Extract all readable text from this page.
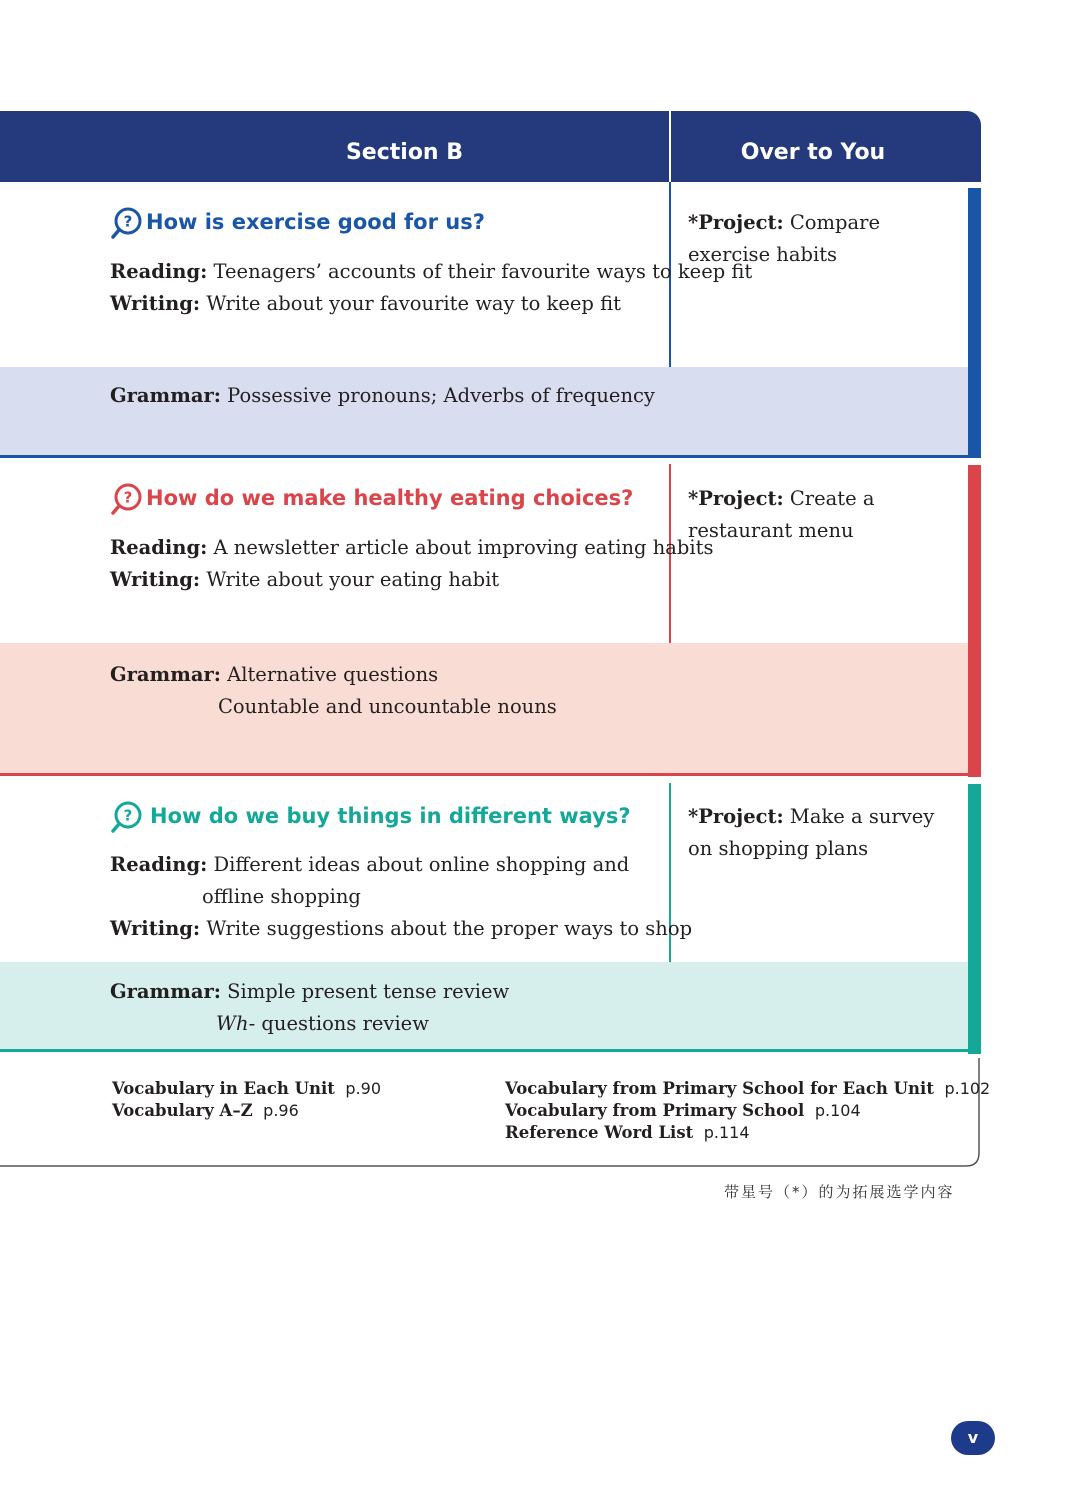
Section B	Over to You
? How is exercise good for us?
Reading: Teenagers’ accounts of their favourite ways to keep fit
Writing: Write about your favourite way to keep fit
Grammar: Possessive pronouns; Adverbs of frequency
*Project: Compare exercise habits
? How do we make healthy eating choices?
Reading: A newsletter article about improving eating habits
Writing: Write about your eating habit
Grammar: Alternative questions
Countable and uncountable nouns
*Project: Create a restaurant menu
? How do we buy things in different ways?
Reading: Different ideas about online shopping and
offline shopping
Writing: Write suggestions about the proper ways to shop
Grammar: Simple present tense review
Wh- questions review
*Project: Make a survey on shopping plans
Vocabulary in Each Unit p.90
Vocabulary A–Z p.96
Vocabulary from Primary School for Each Unit p.102
Vocabulary from Primary School p.104
Reference Word List p.114
带星号（*）的为拓展选学内容
v
